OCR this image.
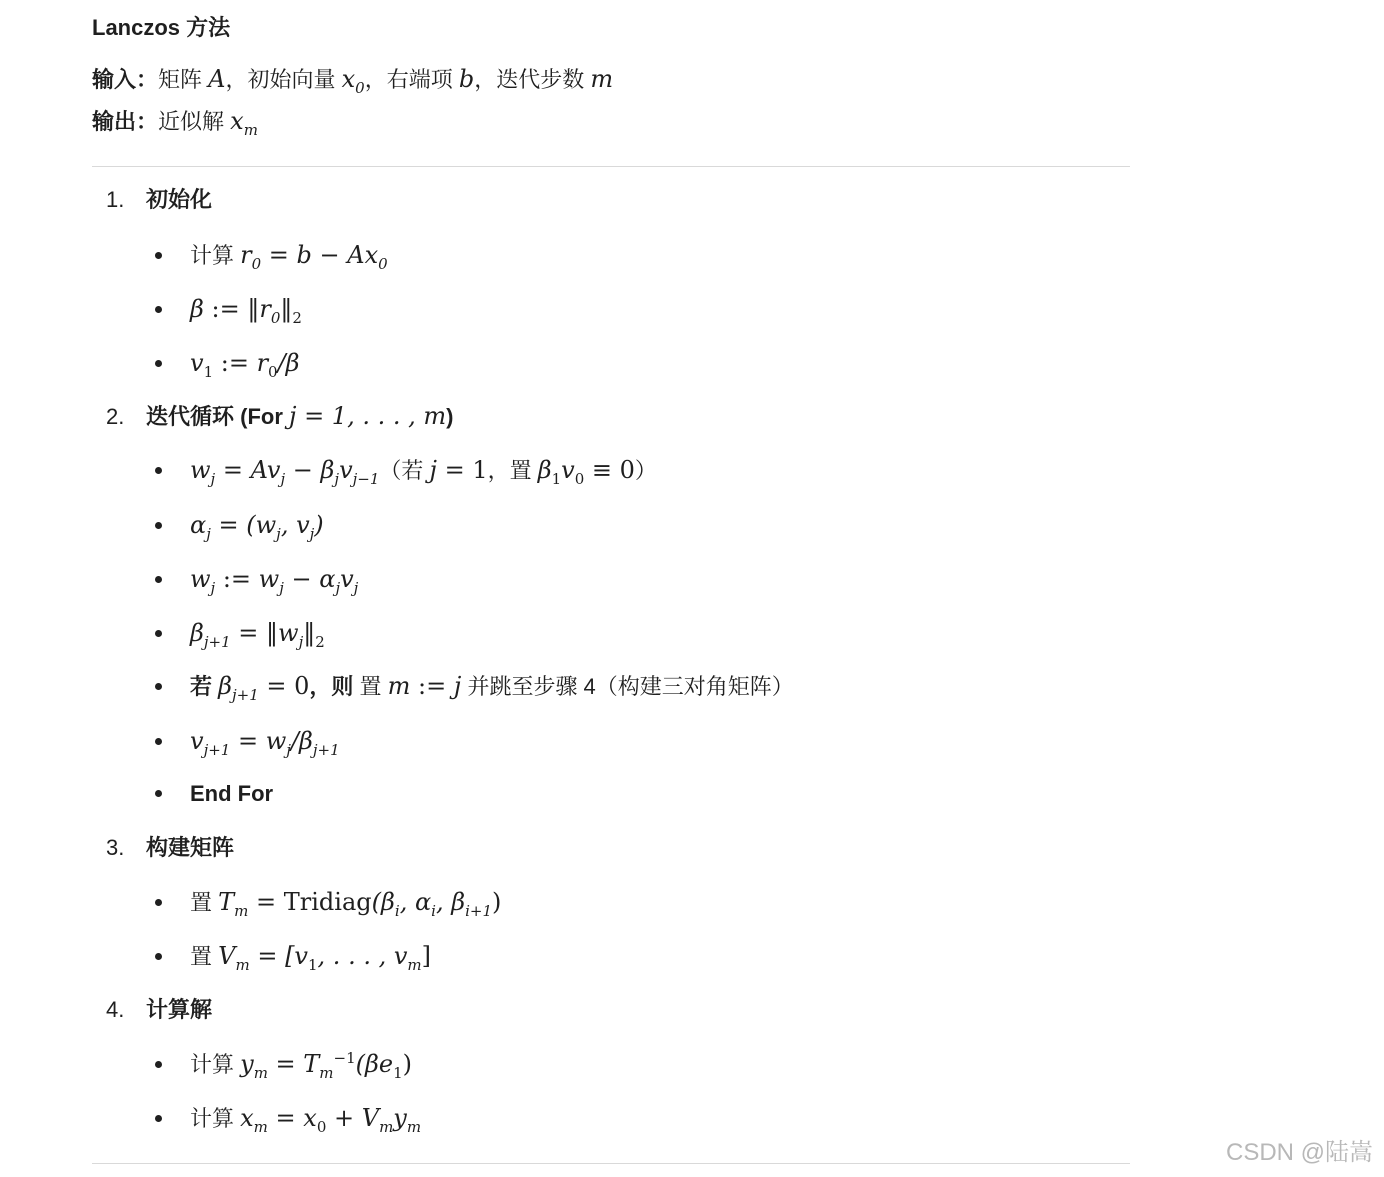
Lanczos 方法
输入：矩阵 A，初始向量 $x_0$，右端项 b，迭代步数 m
输出：近似解 $x_m$
1. 初始化
计算 $r_0 = b - Ax_0$
β := $‖r_0‖_2$
$v_1$ := $r_0/\beta$
2. 迭代循环 (For j = 1, . . . , m)
$w_j = Av_j - \beta_jv_{j-1}$（若 j = 1，置 $\beta_1v_0 \equiv 0$）
$\alpha_j = (w_j$, $v_j$)
$w_j$ := $w_j - \alpha_jv_j$
$\beta_{j+1}$ = $‖w_j‖_2$
若 $\beta_{j+1} = 0$，则 置 m := j 并跳至步骤 4（构建三对角矩阵）
$v_{j+1} = w_j/\beta_{j+1}$
End For
3. 构建矩阵
置 $T_m$ = $Tridiag(\beta_i$, $\alpha_i$, $\beta_{i+1}$)
置 $V_m = [v_1$, . . . , $v_m$]
4. 计算解
计算 $y_m = T_m^{-1}(\beta e_1)$
计算 $x_m = x_0 + V_my_m$
CSDN @陆嵩
